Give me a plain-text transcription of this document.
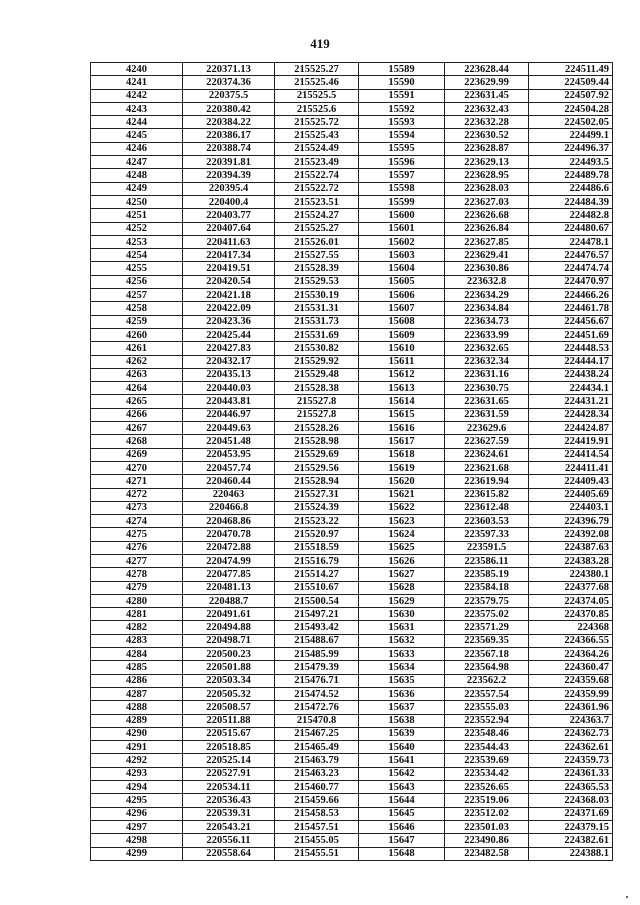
419
4240	220371.13	215525.27	15589	223628.44	224511.49
4241	220374.36	215525.46	15590	223629.99	224509.44
4242	220375.5	215525.5	15591	223631.45	224507.92
4243	220380.42	215525.6	15592	223632.43	224504.28
4244	220384.22	215525.72	15593	223632.28	224502.05
4245	220386.17	215525.43	15594	223630.52	224499.1
4246	220388.74	215524.49	15595	223628.87	224496.37
4247	220391.81	215523.49	15596	223629.13	224493.5
4248	220394.39	215522.74	15597	223628.95	224489.78
4249	220395.4	215522.72	15598	223628.03	224486.6
4250	220400.4	215523.51	15599	223627.03	224484.39
4251	220403.77	215524.27	15600	223626.68	224482.8
4252	220407.64	215525.27	15601	223626.84	224480.67
4253	220411.63	215526.01	15602	223627.85	224478.1
4254	220417.34	215527.55	15603	223629.41	224476.57
4255	220419.51	215528.39	15604	223630.86	224474.74
4256	220420.54	215529.53	15605	223632.8	224470.97
4257	220421.18	215530.19	15606	223634.29	224466.26
4258	220422.09	215531.31	15607	223634.84	224461.78
4259	220423.36	215531.73	15608	223634.73	224456.67
4260	220425.44	215531.69	15609	223633.99	224451.69
4261	220427.83	215530.82	15610	223632.65	224448.53
4262	220432.17	215529.92	15611	223632.34	224444.17
4263	220435.13	215529.48	15612	223631.16	224438.24
4264	220440.03	215528.38	15613	223630.75	224434.1
4265	220443.81	215527.8	15614	223631.65	224431.21
4266	220446.97	215527.8	15615	223631.59	224428.34
4267	220449.63	215528.26	15616	223629.6	224424.87
4268	220451.48	215528.98	15617	223627.59	224419.91
4269	220453.95	215529.69	15618	223624.61	224414.54
4270	220457.74	215529.56	15619	223621.68	224411.41
4271	220460.44	215528.94	15620	223619.94	224409.43
4272	220463	215527.31	15621	223615.82	224405.69
4273	220466.8	215524.39	15622	223612.48	224403.1
4274	220468.86	215523.22	15623	223603.53	224396.79
4275	220470.78	215520.97	15624	223597.33	224392.08
4276	220472.88	215518.59	15625	223591.5	224387.63
4277	220474.99	215516.79	15626	223586.11	224383.28
4278	220477.85	215514.27	15627	223585.19	224380.1
4279	220481.13	215510.67	15628	223584.18	224377.68
4280	220488.7	215500.54	15629	223579.75	224374.05
4281	220491.61	215497.21	15630	223575.02	224370.85
4282	220494.88	215493.42	15631	223571.29	224368
4283	220498.71	215488.67	15632	223569.35	224366.55
4284	220500.23	215485.99	15633	223567.18	224364.26
4285	220501.88	215479.39	15634	223564.98	224360.47
4286	220503.34	215476.71	15635	223562.2	224359.68
4287	220505.32	215474.52	15636	223557.54	224359.99
4288	220508.57	215472.76	15637	223555.03	224361.96
4289	220511.88	215470.8	15638	223552.94	224363.7
4290	220515.67	215467.25	15639	223548.46	224362.73
4291	220518.85	215465.49	15640	223544.43	224362.61
4292	220525.14	215463.79	15641	223539.69	224359.73
4293	220527.91	215463.23	15642	223534.42	224361.33
4294	220534.11	215460.77	15643	223526.65	224365.53
4295	220536.43	215459.66	15644	223519.06	224368.03
4296	220539.31	215458.53	15645	223512.02	224371.69
4297	220543.21	215457.51	15646	223501.03	224379.15
4298	220556.11	215455.05	15647	223490.86	224382.61
4299	220558.64	215455.51	15648	223482.58	224388.1
